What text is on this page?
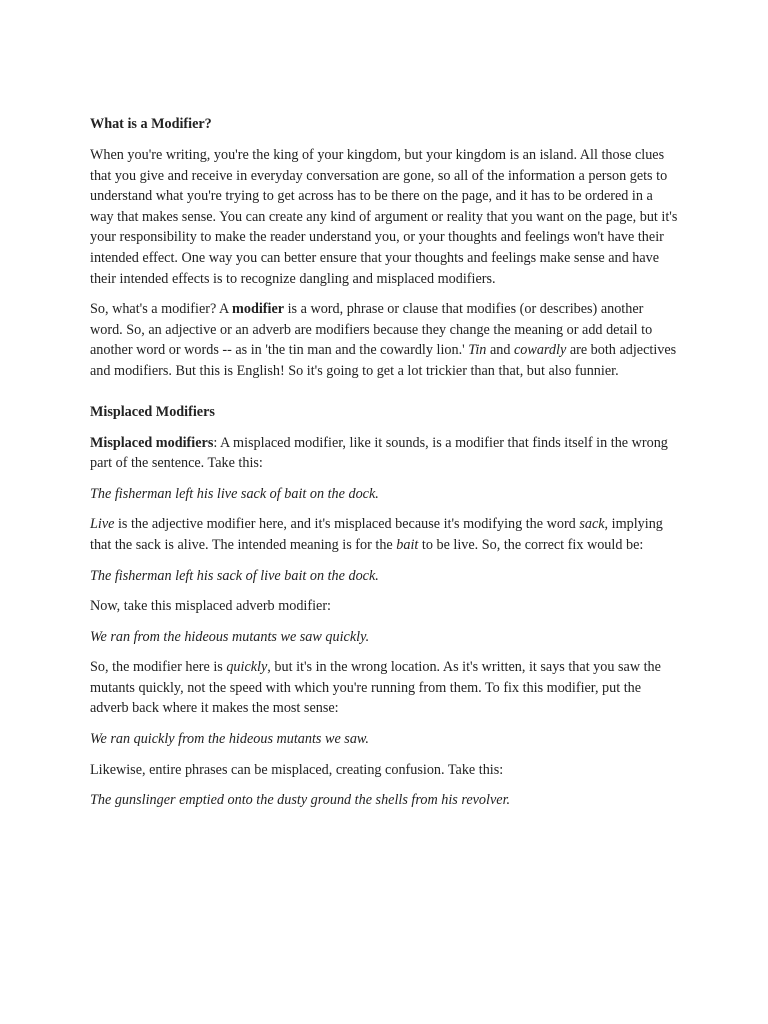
What is a Modifier?

When you're writing, you're the king of your kingdom, but your kingdom is an island. All those clues that you give and receive in everyday conversation are gone, so all of the information a person gets to understand what you're trying to get across has to be there on the page, and it has to be ordered in a way that makes sense. You can create any kind of argument or reality that you want on the page, but it's your responsibility to make the reader understand you, or your thoughts and feelings won't have their intended effect. One way you can better ensure that your thoughts and feelings make sense and have their intended effects is to recognize dangling and misplaced modifiers.

So, what's a modifier? A modifier is a word, phrase or clause that modifies (or describes) another word. So, an adjective or an adverb are modifiers because they change the meaning or add detail to another word or words -- as in 'the tin man and the cowardly lion.' Tin and cowardly are both adjectives and modifiers. But this is English! So it's going to get a lot trickier than that, but also funnier.

Misplaced Modifiers

Misplaced modifiers: A misplaced modifier, like it sounds, is a modifier that finds itself in the wrong part of the sentence. Take this:

The fisherman left his live sack of bait on the dock.

Live is the adjective modifier here, and it's misplaced because it's modifying the word sack, implying that the sack is alive. The intended meaning is for the bait to be live. So, the correct fix would be:

The fisherman left his sack of live bait on the dock.

Now, take this misplaced adverb modifier:

We ran from the hideous mutants we saw quickly.

So, the modifier here is quickly, but it's in the wrong location. As it's written, it says that you saw the mutants quickly, not the speed with which you're running from them. To fix this modifier, put the adverb back where it makes the most sense:

We ran quickly from the hideous mutants we saw.

Likewise, entire phrases can be misplaced, creating confusion. Take this:

The gunslinger emptied onto the dusty ground the shells from his revolver.
